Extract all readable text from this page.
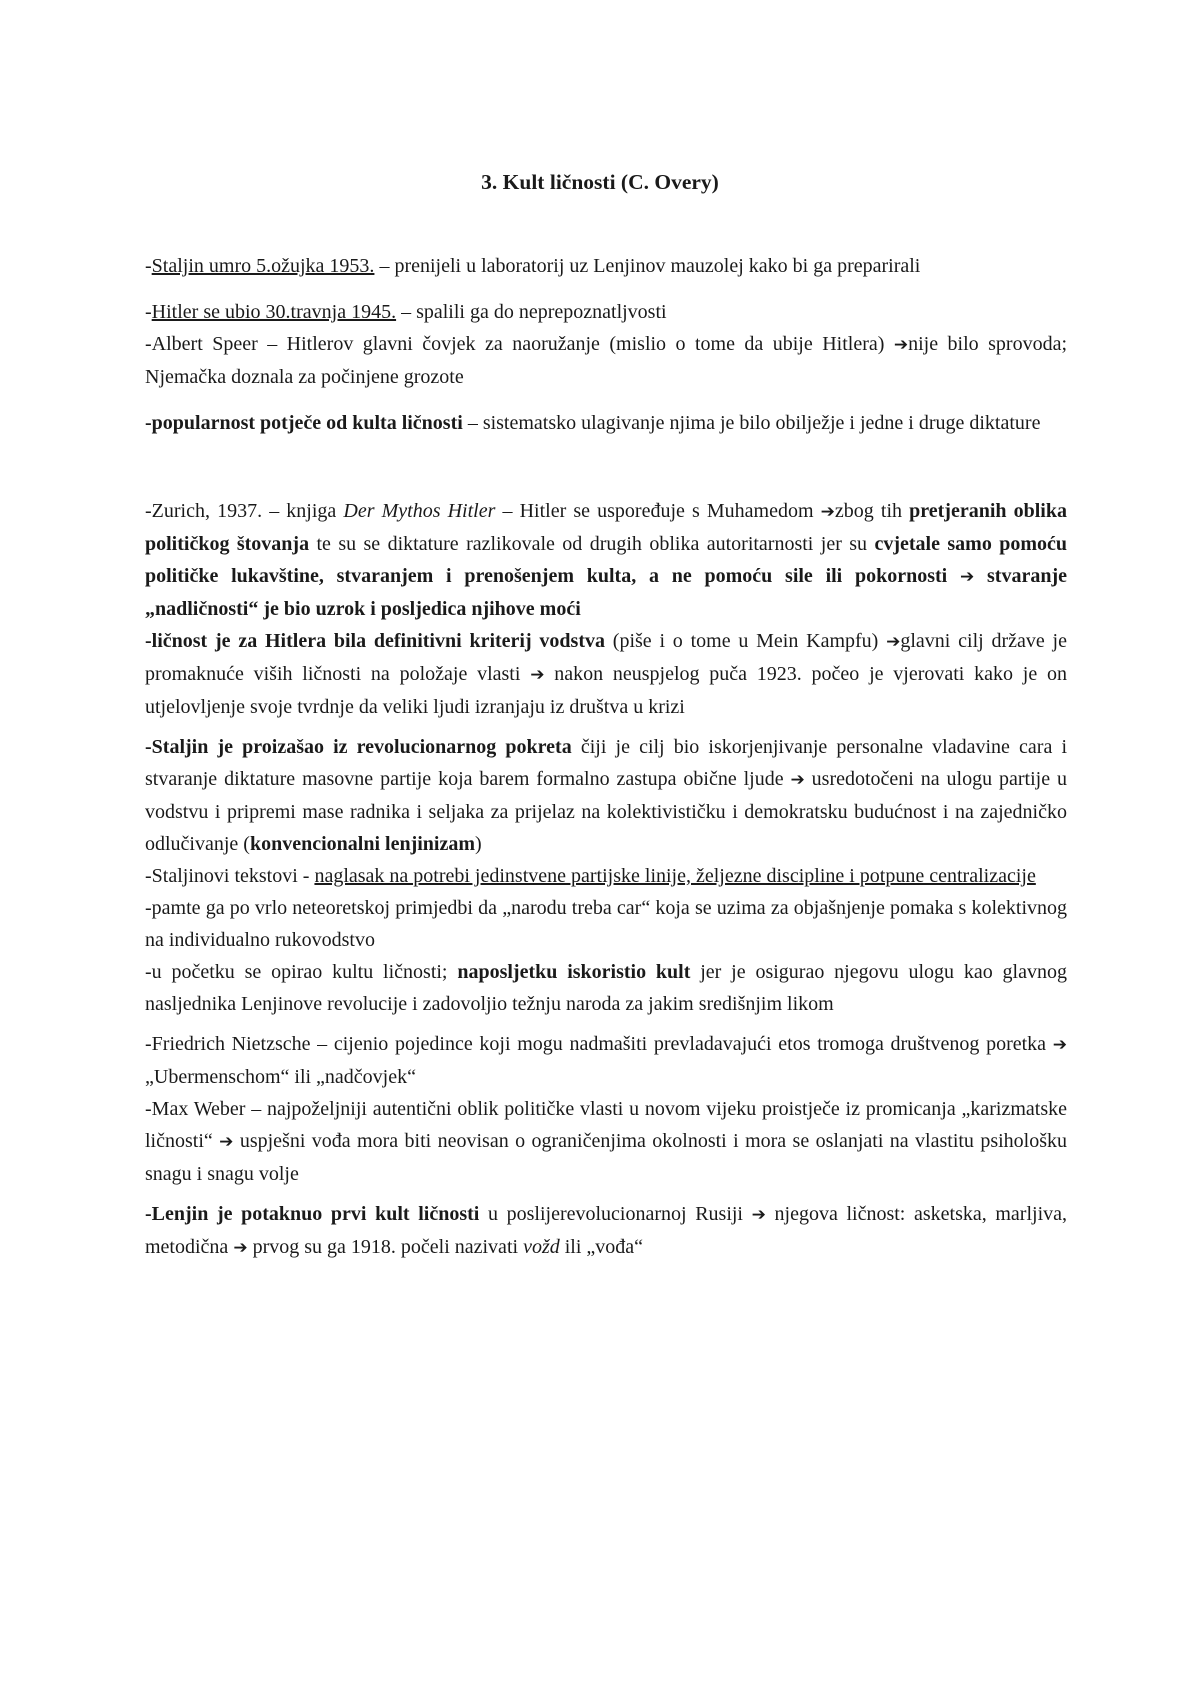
3. Kult ličnosti (C. Overy)

-Staljin umro 5.ožujka 1953. – prenijeli u laboratorij uz Lenjinov mauzolej kako bi ga preparirali

-Hitler se ubio 30.travnja 1945. – spalili ga do neprepoznatljvosti

-Albert Speer – Hitlerov glavni čovjek za naoružanje (mislio o tome da ubije Hitlera) ➔nije bilo sprovoda; Njemačka doznala za počinjene grozote

-popularnost potječe od kulta ličnosti – sistematsko ulagivanje njima je bilo obilježje i jedne i druge diktature

-Zurich, 1937. – knjiga Der Mythos Hitler – Hitler se uspoređuje s Muhamedom ➔zbog tih pretjeranih oblika političkog štovanja te su se diktature razlikovale od drugih oblika autoritarnosti jer su cvjetale samo pomoću političke lukavštine, stvaranjem i prenošenjem kulta, a ne pomoću sile ili pokornosti ➔ stvaranje „nadličnosti“ je bio uzrok i posljedica njihove moći

-ličnost je za Hitlera bila definitivni kriterij vodstva (piše i o tome u Mein Kampfu) ➔glavni cilj države je promaknuće viših ličnosti na položaje vlasti ➔ nakon neuspjelog puča 1923. počeo je vjerovati kako je on utjelovljenje svoje tvrdnje da veliki ljudi izranjaju iz društva u krizi

-Staljin je proizašao iz revolucionarnog pokreta čiji je cilj bio iskorjenjivanje personalne vladavine cara i stvaranje diktature masovne partije koja barem formalno zastupa obične ljude ➔ usredotočeni na ulogu partije u vodstvu i pripremi mase radnika i seljaka za prijelaz na kolektivističku i demokratsku budućnost i na zajedničko odlučivanje (konvencionalni lenjinizam)

-Staljinovi tekstovi - naglasak na potrebi jedinstvene partijske linije, željezne discipline i potpune centralizacije

-pamte ga po vrlo neteoretskoj primjedbi da „narodu treba car“ koja se uzima za objašnjenje pomaka s kolektivnog na individualno rukovodstvo

-u početku se opirao kultu ličnosti; naposljetku iskoristio kult jer je osigurao njegovu ulogu kao glavnog nasljednika Lenjinove revolucije i zadovoljio težnju naroda za jakim središnjim likom

-Friedrich Nietzsche – cijenio pojedince koji mogu nadmašiti prevladavajući etos tromoga društvenog poretka ➔ „Ubermenschom“ ili „nadčovjek“

-Max Weber – najpoželjniji autentični oblik političke vlasti u novom vijeku proistječe iz promicanja „karizmatske ličnosti“ ➔ uspješni vođa mora biti neovisan o ograničenjima okolnosti i mora se oslanjati na vlastitu psihološku snagu i snagu volje

-Lenjin je potaknuo prvi kult ličnosti u poslijerevolucionarnoj Rusiji ➔ njegova ličnost: asketska, marljiva, metodična ➔ prvog su ga 1918. počeli nazivati vožd ili „vođa“
